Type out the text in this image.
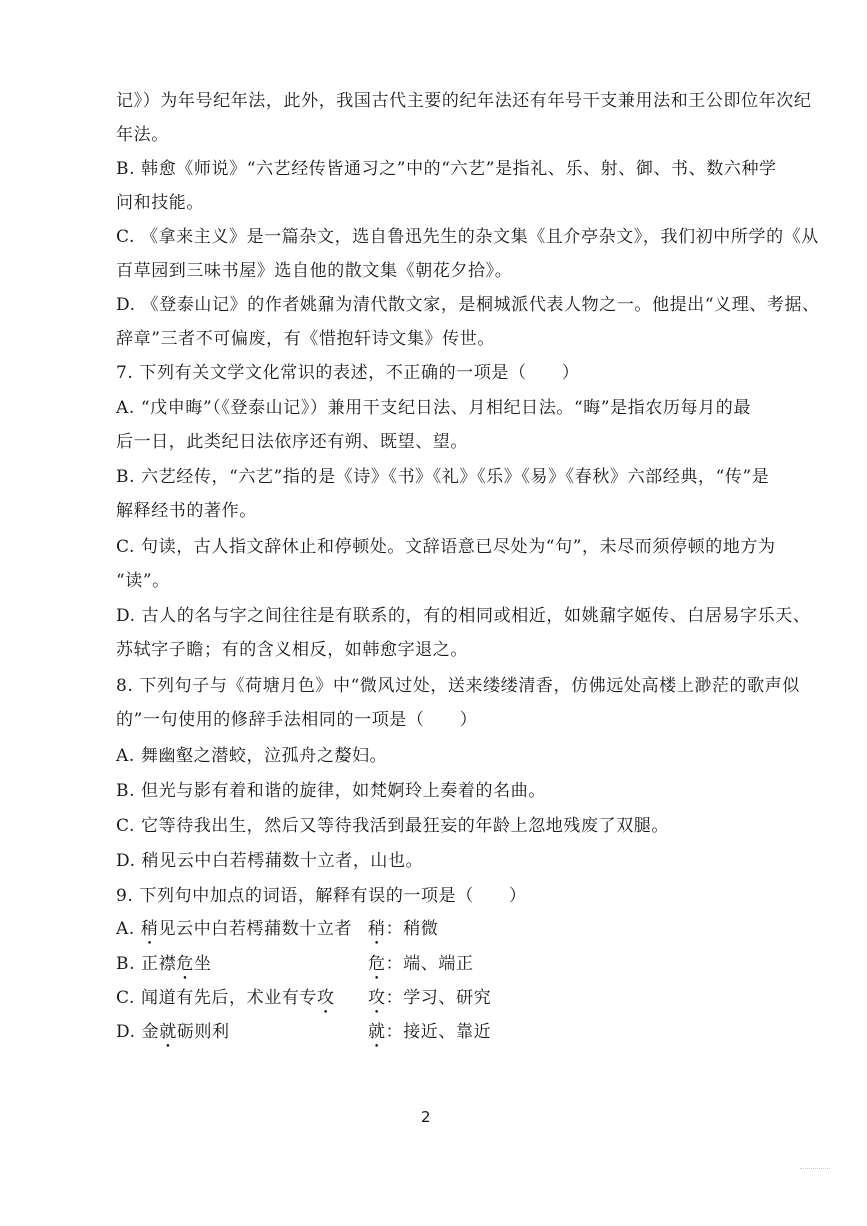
记》）为年号纪年法，此外，我国古代主要的纪年法还有年号干支兼用法和王公即位年次纪
年法。
B. 韩愈《师说》“六艺经传皆通习之”中的“六艺”是指礼、乐、射、御、书、数六种学
问和技能。
C. 《拿来主义》是一篇杂文，选自鲁迅先生的杂文集《且介亭杂文》，我们初中所学的《从
百草园到三味书屋》选自他的散文集《朝花夕拾》。
D. 《登泰山记》的作者姚鼐为清代散文家，是桐城派代表人物之一。他提出“义理、考据、
辞章”三者不可偏废，有《惜抱轩诗文集》传世。
7. 下列有关文学文化常识的表述，不正确的一项是（　　）
A. “戊申晦”（《登泰山记》）兼用干支纪日法、月相纪日法。“晦”是指农历每月的最
后一日，此类纪日法依序还有朔、既望、望。
B. 六艺经传，“六艺”指的是《诗》《书》《礼》《乐》《易》《春秋》六部经典，“传”是
解释经书的著作。
C. 句读，古人指文辞休止和停顿处。文辞语意已尽处为“句”，未尽而须停顿的地方为
“读”。
D. 古人的名与字之间往往是有联系的，有的相同或相近，如姚鼐字姬传、白居易字乐天、
苏轼字子瞻；有的含义相反，如韩愈字退之。
8. 下列句子与《荷塘月色》中“微风过处，送来缕缕清香，仿佛远处高楼上渺茫的歌声似
的”一句使用的修辞手法相同的一项是（　　）
A. 舞幽壑之潜蛟，泣孤舟之嫠妇。
B. 但光与影有着和谐的旋律，如梵婀玲上奏着的名曲。
C. 它等待我出生，然后又等待我活到最狂妄的年龄上忽地残废了双腿。
D. 稍见云中白若樗蒱数十立者，山也。
9. 下列句中加点的词语，解释有误的一项是（　　）
A. 稍见云中白若樗蒱数十立者 稍：稍微
B. 正襟危坐	危：端、端正
C. 闻道有先后，术业有专攻 攻：学习、研究
D. 金就砺则利	就：接近、靠近
2
